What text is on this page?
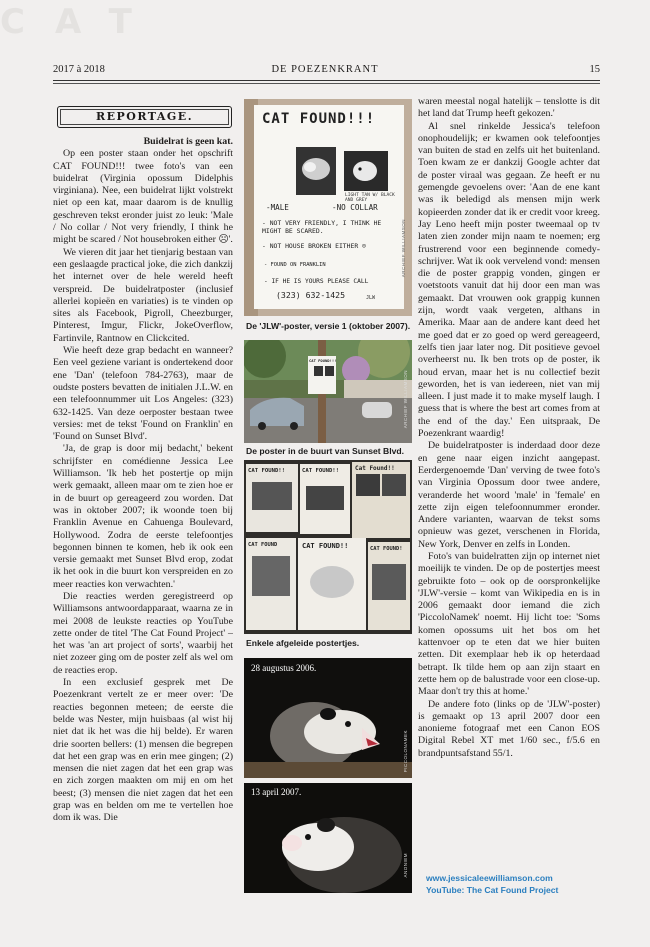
CAT
2017 à 2018	DE POEZENKRANT	15
REPORTAGE.

Buidelrat is geen kat.

Op een poster staan onder het opschrift CAT FOUND!!! twee foto's van een buidelrat (Virginia opossum Didelphis virginiana). Nee, een buidelrat lijkt volstrekt niet op een kat, maar daarom is de knullig geschreven tekst eronder juist zo leuk: 'Male / No collar / Not very friendly, I think he might be scared / Not housebroken either ☹'.

We vieren dit jaar het tienjarig bestaan van een geslaagde practical joke, die zich dankzij het internet over de hele wereld heeft verspreid. De buidelratposter (inclusief allerlei kopieën en variaties) is te vinden op sites als Facebook, Pigroll, Cheezburger, Pinterest, Imgur, Flickr, JokeOverflow, Fartinvile, Rantnow en Clickcited.

Wie heeft deze grap bedacht en wanneer? Een veel geziene variant is ondertekend door ene 'Dan' (telefoon 784-2763), maar de oudste posters bevatten de initialen J.L.W. en een telefoonnummer uit Los Angeles: (323) 632-1425. Van deze oerposter bestaan twee versies: met de tekst 'Found on Franklin' en 'Found on Sunset Blvd'.

'Ja, de grap is door mij bedacht,' bekent schrijfster en comédienne Jessica Lee Williamson. 'Ik heb het postertje op mijn werk gemaakt, alleen maar om te zien hoe er in de buurt op gereageerd zou worden. Dat was in oktober 2007; ik woonde toen bij Franklin Avenue en Cahuenga Boulevard, Hollywood. Zodra de eerste telefoontjes begonnen binnen te komen, heb ik ook een versie gemaakt met Sunset Blvd erop, zodat ik het ook in die buurt kon verspreiden en zo meer reacties kon verwachten.'

Die reacties werden geregistreerd op Williamsons antwoordapparaat, waarna ze in mei 2008 de leukste reacties op YouTube zette onder de titel 'The Cat Found Project' – het was 'an art project of sorts', waarbij het niet zozeer ging om de poster zelf als wel om de reacties erop.

In een exclusief gesprek met De Poezenkrant vertelt ze er meer over: 'De reacties begonnen meteen; de eerste die belde was Nester, mijn huisbaas (al wist hij niet dat ik het was die hij belde). Er waren drie soorten bellers: (1) mensen die begrepen dat het een grap was en erin mee gingen; (2) mensen die niet zagen dat het een grap was en zich zorgen maakten om mij en om het beest; (3) mensen die niet zagen dat het een grap was en belden om me te vertellen hoe dom ik was. Die

CAT FOUND!!!
LIGHT TAN W/ BLACK AND GREY
-MALE	-NO COLLAR
- NOT VERY FRIENDLY, I THINK HE MIGHT BE SCARED.
- NOT HOUSE BROKEN EITHER ☹
- FOUND ON FRANKLIN
- IF HE IS YOURS PLEASE CALL
(323) 632-1425	JLW
ARCHIEF WILLIAMSON
De 'JLW'-poster, versie 1 (oktober 2007).
CAT FOUND!!!
ARCHIEF WILLIAMSON
De poster in de buurt van Sunset Blvd.
CAT FOUND!!	CAT FOUND!!	Cat Found!!
CAT FOUND	CAT FOUND!!	CAT FOUND!
Enkele afgeleide postertjes.
28 augustus 2006.
PICCOLONAMEK
13 april 2007.
ANONIEM

waren meestal nogal hatelijk – tenslotte is dit het land dat Trump heeft gekozen.'

Al snel rinkelde Jessica's telefoon onophoudelijk; er kwamen ook telefoontjes van buiten de stad en zelfs uit het buitenland. Toen kwam ze er dankzij Google achter dat de poster viraal was gegaan. Ze heeft er nu gemengde gevoelens over: 'Aan de ene kant was ik beledigd als mensen mijn werk kopieerden zonder dat ik er credit voor kreeg. Jay Leno heeft mijn poster tweemaal op tv laten zien zonder mijn naam te noemen; erg frustrerend voor een beginnende comedy-schrijver. Wat ik ook vervelend vond: mensen die de poster grappig vonden, gingen er voetstoots vanuit dat hij door een man was gemaakt. Dat vrouwen ook grappig kunnen zijn, wordt vaak vergeten, althans in Amerika. Maar aan de andere kant deed het me goed dat er zo goed op werd gereageerd, zelfs tien jaar later nog. Dit positieve gevoel overheerst nu. Ik ben trots op de poster, ik houd ervan, maar het is nu collectief bezit geworden, het is van iedereen, niet van mij alleen. I just made it to make myself laugh. I guess that is where the best art comes from at the end of the day.' Een uitspraak, De Poezenkrant waardig!

De buidelratposter is inderdaad door deze en gene naar eigen inzicht aangepast. Eerdergenoemde 'Dan' verving de twee foto's van Virginia Opossum door twee andere, veranderde het woord 'male' in 'female' en zette zijn eigen telefoonnummer eronder. Andere varianten, waarvan de tekst soms opnieuw was gezet, verschenen in Florida, New York, Denver en zelfs in Londen.

Foto's van buidelratten zijn op internet niet moeilijk te vinden. De op de postertjes meest gebruikte foto – ook op de oorspronkelijke 'JLW'-versie – komt van Wikipedia en is in 2006 gemaakt door iemand die zich 'PiccoloNamek' noemt. Hij licht toe: 'Soms komen opossums uit het bos om het kattenvoer op te eten dat we hier buiten zetten. Dit exemplaar heb ik op heterdaad betrapt. Ik tilde hem op aan zijn staart en zette hem op de balustrade voor een close-up. Maar don't try this at home.'

De andere foto (links op de 'JLW'-poster) is gemaakt op 13 april 2007 door een anonieme fotograaf met een Canon EOS Digital Rebel XT met 1/60 sec., f/5.6 en brandpuntsafstand 55/1.

www.jessicaleewilliamson.com
YouTube: The Cat Found Project
